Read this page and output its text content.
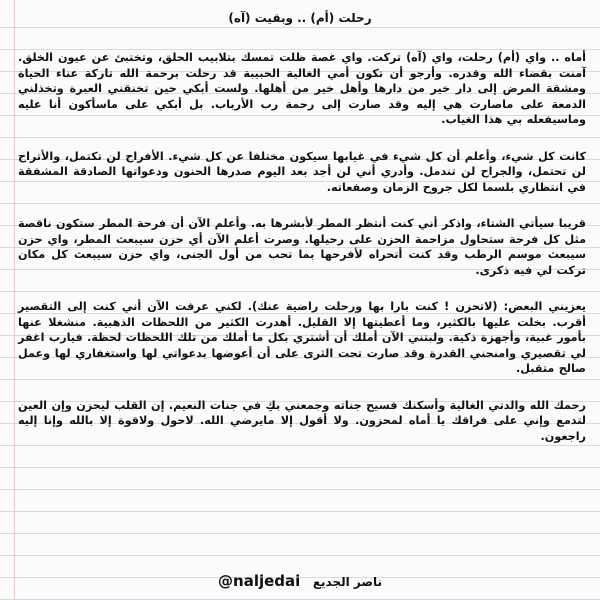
رحلت (أم) .. وبقيت (آه)

أماه .. واي (أم) رحلت، واي (آه) تركت. واي غصة ظلت تمسك بتلابيب الحلق، وتختبئ عن عيون الخلق. آمنت بقضاء الله وقدره. وأرجو أن تكون أمي الغالية الحبيبة قد رحلت برحمة الله تاركة عناء الحياة ومشقة المرض إلى دار خير من دارها وأهل خير من أهلها. ولست أبكي حين تخنقني العبرة وتخذلني الدمعة على ماصارت هي إليه وقد صارت إلى رحمة رب الأرباب. بل أبكي على ماسأكون أنا عليه وماسيفعله بي هذا الغياب.

كانت كل شيء، وأعلم أن كل شيء في غيابها سيكون مختلفا عن كل شيء. الأفراح لن تكتمل، والأتراح لن تحتمل، والجراح لن تندمل. وأدري أني لن أجد بعد اليوم صدرها الحنون ودعواتها الصادقة المشفقة في انتظاري بلسما لكل جروح الزمان وصفعاته.

قريبا سيأتي الشتاء، واذكر أني كنت أنتظر المطر لأبشرها به. وأعلم الآن أن فرحة المطر ستكون ناقصة مثل كل فرحة ستحاول مزاحمة الحزن على رحيلها. وصرت أعلم الآن أي حزن سيبعث المطر، واي حزن سيبعث موسم الرطب وقد كنت أتحراه لأفرحها بما تحب من أول الجنى، واي حزن سيبعث كل مكان تركت لي فيه ذكرى.

يعزيني البعض: (لاتحزن ! كنت بارا بها ورحلت راضية عنك). لكني عرفت الآن أني كنت إلى التقصير أقرب. بخلت عليها بالكثير، وما أعطيتها إلا القليل. أهدرت الكثير من اللحظات الذهبية. منشغلا عنها بأمور غبية، وأجهزة ذكية. ولبتني الآن أملك أن أشتري بكل ما أملك من تلك اللحظات لحظة. فيارب اغفر لي تقصيري وامنحني القدرة وقد صارت تحت الثرى على أن أعوضها بدعواتي لها واستغفاري لها وعمل صالح متقبل.

رحمك الله والدتي الغالية وأسكنك فسيح جناته وجمعني بكِ في جنات النعيم. إن القلب ليحزن وإن العين لتدمع وإني على فراقك يا أماه لمحزون. ولا أقول إلا مايرضي الله. لاحول ولاقوة إلا بالله وإنا إليه راجعون.

@naljedai ناصر الجديع
